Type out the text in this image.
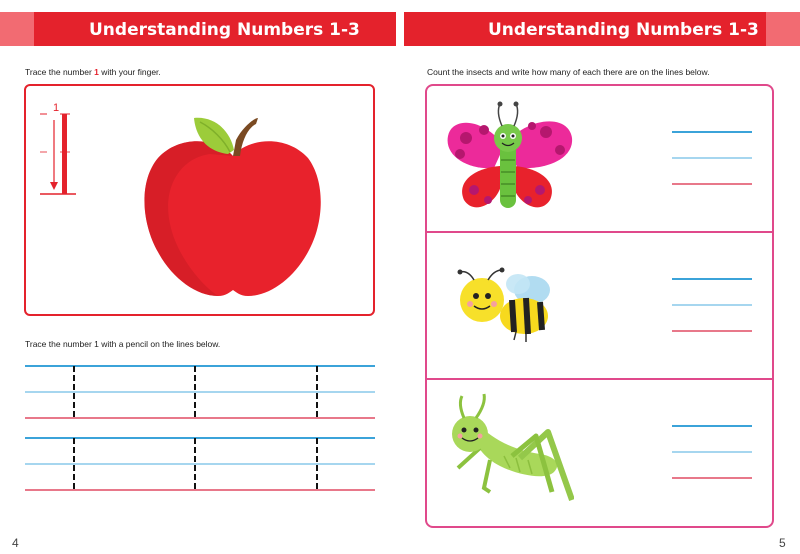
Understanding Numbers 1-3	Understanding Numbers 1-3
Trace the number 1 with your finger.
1
Trace the number 1 with a pencil on the lines below.
Count the insects and write how many of each there are on the lines below.
4	5
